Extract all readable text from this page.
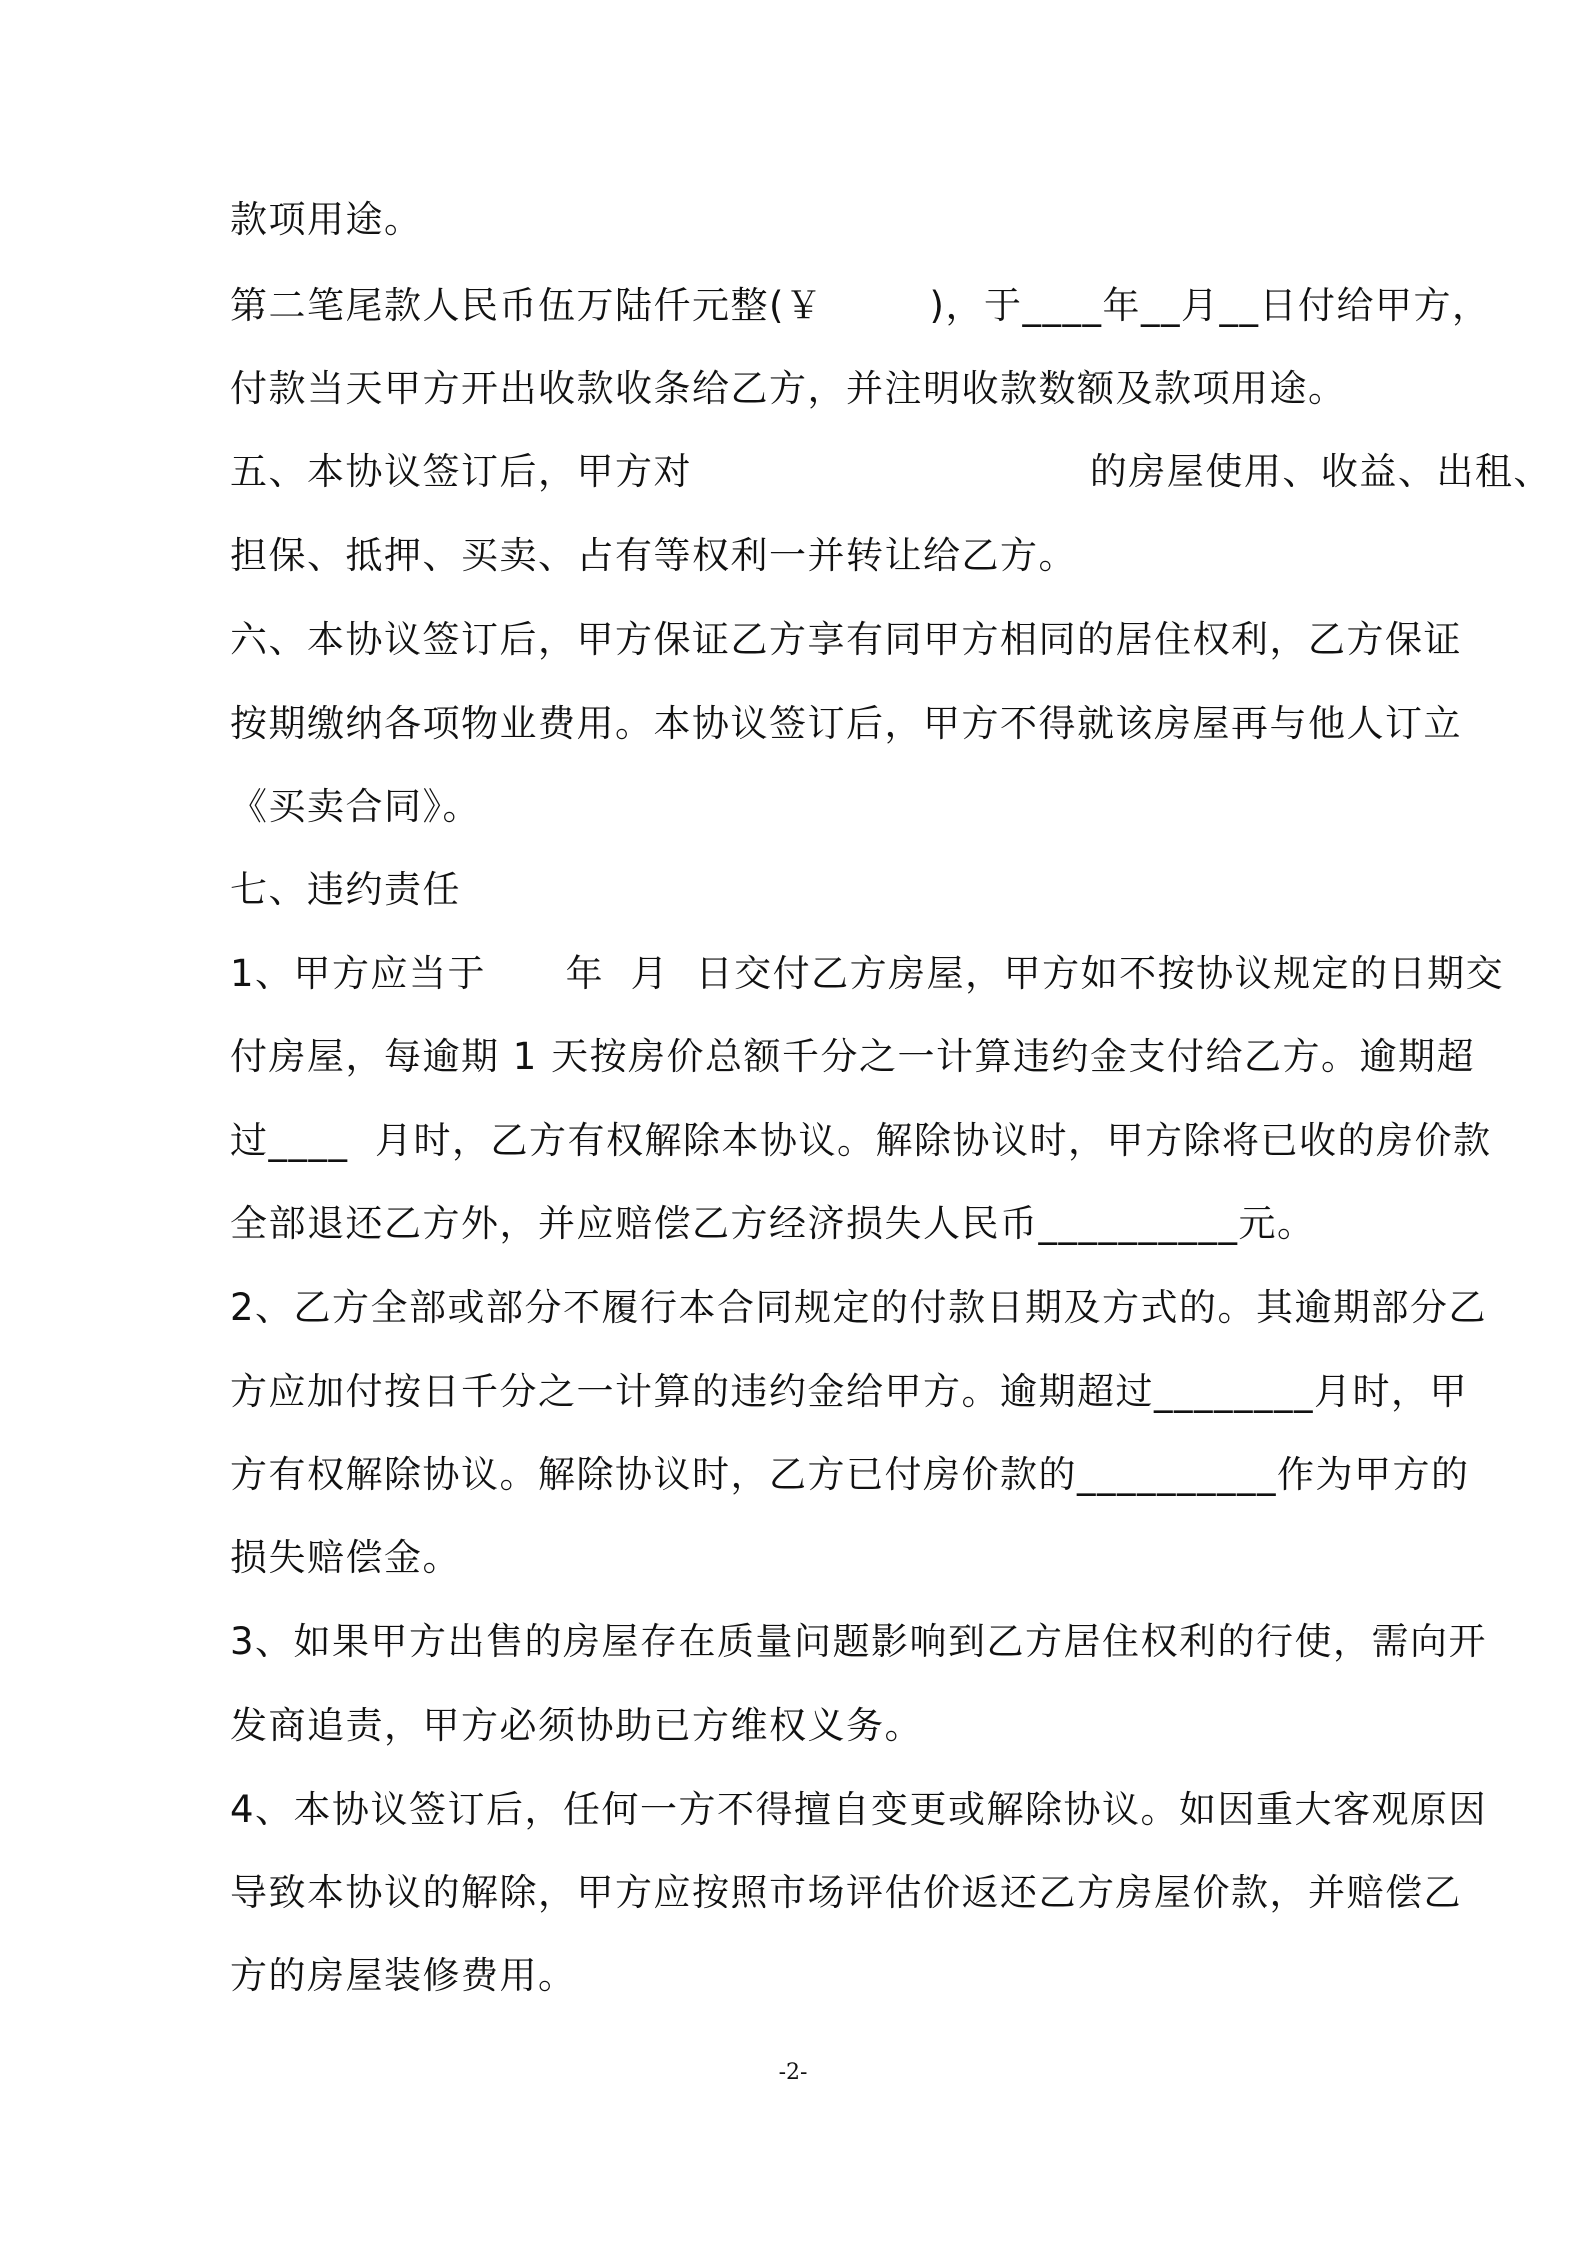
款项用途。
第二笔尾款人民币伍万陆仟元整(￥        )，于____年__月__日付给甲方，
付款当天甲方开出收款收条给乙方，并注明收款数额及款项用途。
五、本协议签订后，甲方对                              的房屋使用、收益、出租、
担保、抵押、买卖、占有等权利一并转让给乙方。
六、本协议签订后，甲方保证乙方享有同甲方相同的居住权利，乙方保证
按期缴纳各项物业费用。本协议签订后，甲方不得就该房屋再与他人订立
《买卖合同》。
七、违约责任
1、甲方应当于      年  月  日交付乙方房屋，甲方如不按协议规定的日期交
付房屋，每逾期 1 天按房价总额千分之一计算违约金支付给乙方。逾期超
过____  月时，乙方有权解除本协议。解除协议时，甲方除将已收的房价款
全部退还乙方外，并应赔偿乙方经济损失人民币__________元。
2、乙方全部或部分不履行本合同规定的付款日期及方式的。其逾期部分乙
方应加付按日千分之一计算的违约金给甲方。逾期超过________月时，甲
方有权解除协议。解除协议时，乙方已付房价款的__________作为甲方的
损失赔偿金。
3、如果甲方出售的房屋存在质量问题影响到乙方居住权利的行使，需向开
发商追责，甲方必须协助已方维权义务。
4、本协议签订后，任何一方不得擅自变更或解除协议。如因重大客观原因
导致本协议的解除，甲方应按照市场评估价返还乙方房屋价款，并赔偿乙
方的房屋装修费用。
-2-
